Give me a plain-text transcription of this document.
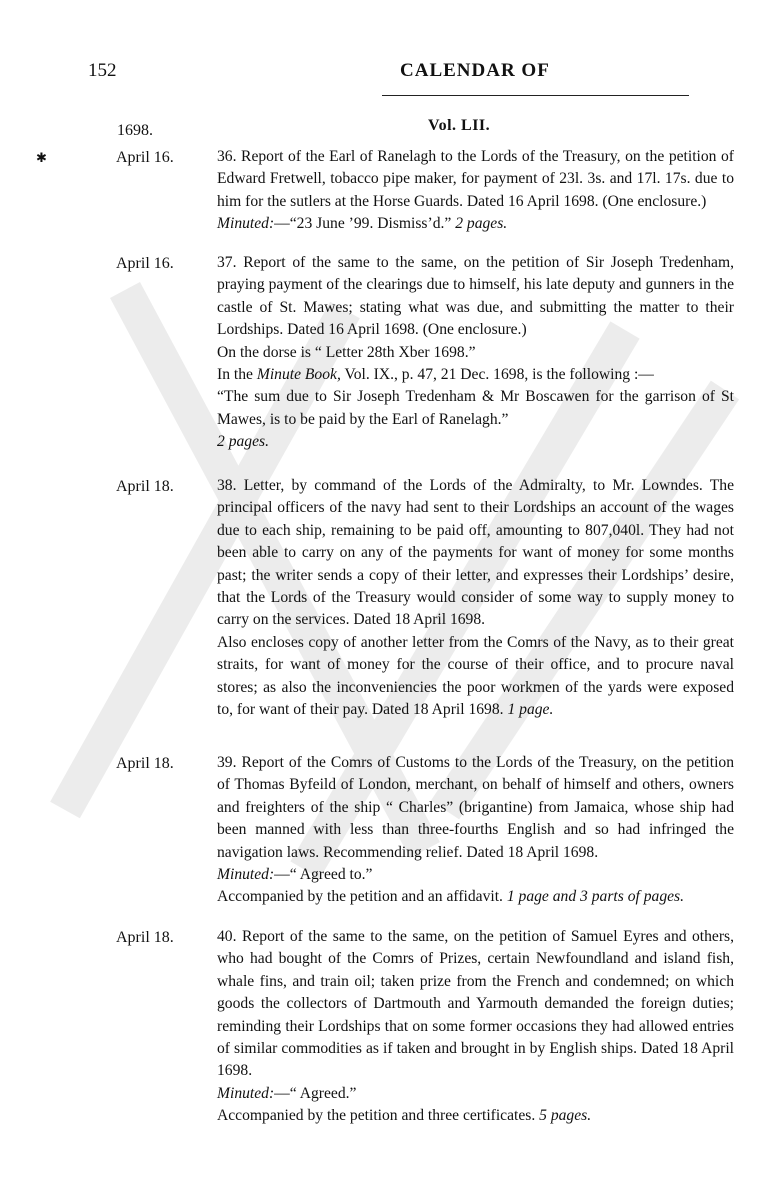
152	CALENDAR OF
1698.	Vol. LII.
✱	April 16.	36. Report of the Earl of Ranelagh to the Lords of the Treasury, on the petition of Edward Fretwell, tobacco pipe maker, for payment of 23l. 3s. and 17l. 17s. due to him for the sutlers at the Horse Guards. Dated 16 April 1698. (One enclosure.)

Minuted:—“23 June ’99. Dismiss’d.” 2 pages.

April 16.	37. Report of the same to the same, on the petition of Sir Joseph Tredenham, praying payment of the clearings due to himself, his late deputy and gunners in the castle of St. Mawes; stating what was due, and submitting the matter to their Lordships. Dated 16 April 1698. (One enclosure.)

On the dorse is “ Letter 28th Xber 1698.”

In the Minute Book, Vol. IX., p. 47, 21 Dec. 1698, is the following :—

“The sum due to Sir Joseph Tredenham & Mr Boscawen for the garrison of St Mawes, is to be paid by the Earl of Ranelagh.”

2 pages.

April 18.	38. Letter, by command of the Lords of the Admiralty, to Mr. Lowndes. The principal officers of the navy had sent to their Lordships an account of the wages due to each ship, remaining to be paid off, amounting to 807,040l. They had not been able to carry on any of the payments for want of money for some months past; the writer sends a copy of their letter, and expresses their Lordships’ desire, that the Lords of the Treasury would consider of some way to supply money to carry on the services. Dated 18 April 1698.

Also encloses copy of another letter from the Comrs of the Navy, as to their great straits, for want of money for the course of their office, and to procure naval stores; as also the inconveniencies the poor workmen of the yards were exposed to, for want of their pay. Dated 18 April 1698. 1 page.

April 18.	39. Report of the Comrs of Customs to the Lords of the Treasury, on the petition of Thomas Byfeild of London, merchant, on behalf of himself and others, owners and freighters of the ship “ Charles” (brigantine) from Jamaica, whose ship had been manned with less than three-fourths English and so had infringed the navigation laws. Recommending relief. Dated 18 April 1698.

Minuted:—“ Agreed to.”

Accompanied by the petition and an affidavit. 1 page and 3 parts of pages.

April 18.	40. Report of the same to the same, on the petition of Samuel Eyres and others, who had bought of the Comrs of Prizes, certain Newfoundland and island fish, whale fins, and train oil; taken prize from the French and condemned; on which goods the collectors of Dartmouth and Yarmouth demanded the foreign duties; reminding their Lordships that on some former occasions they had allowed entries of similar commodities as if taken and brought in by English ships. Dated 18 April 1698.

Minuted:—“ Agreed.”

Accompanied by the petition and three certificates. 5 pages.
